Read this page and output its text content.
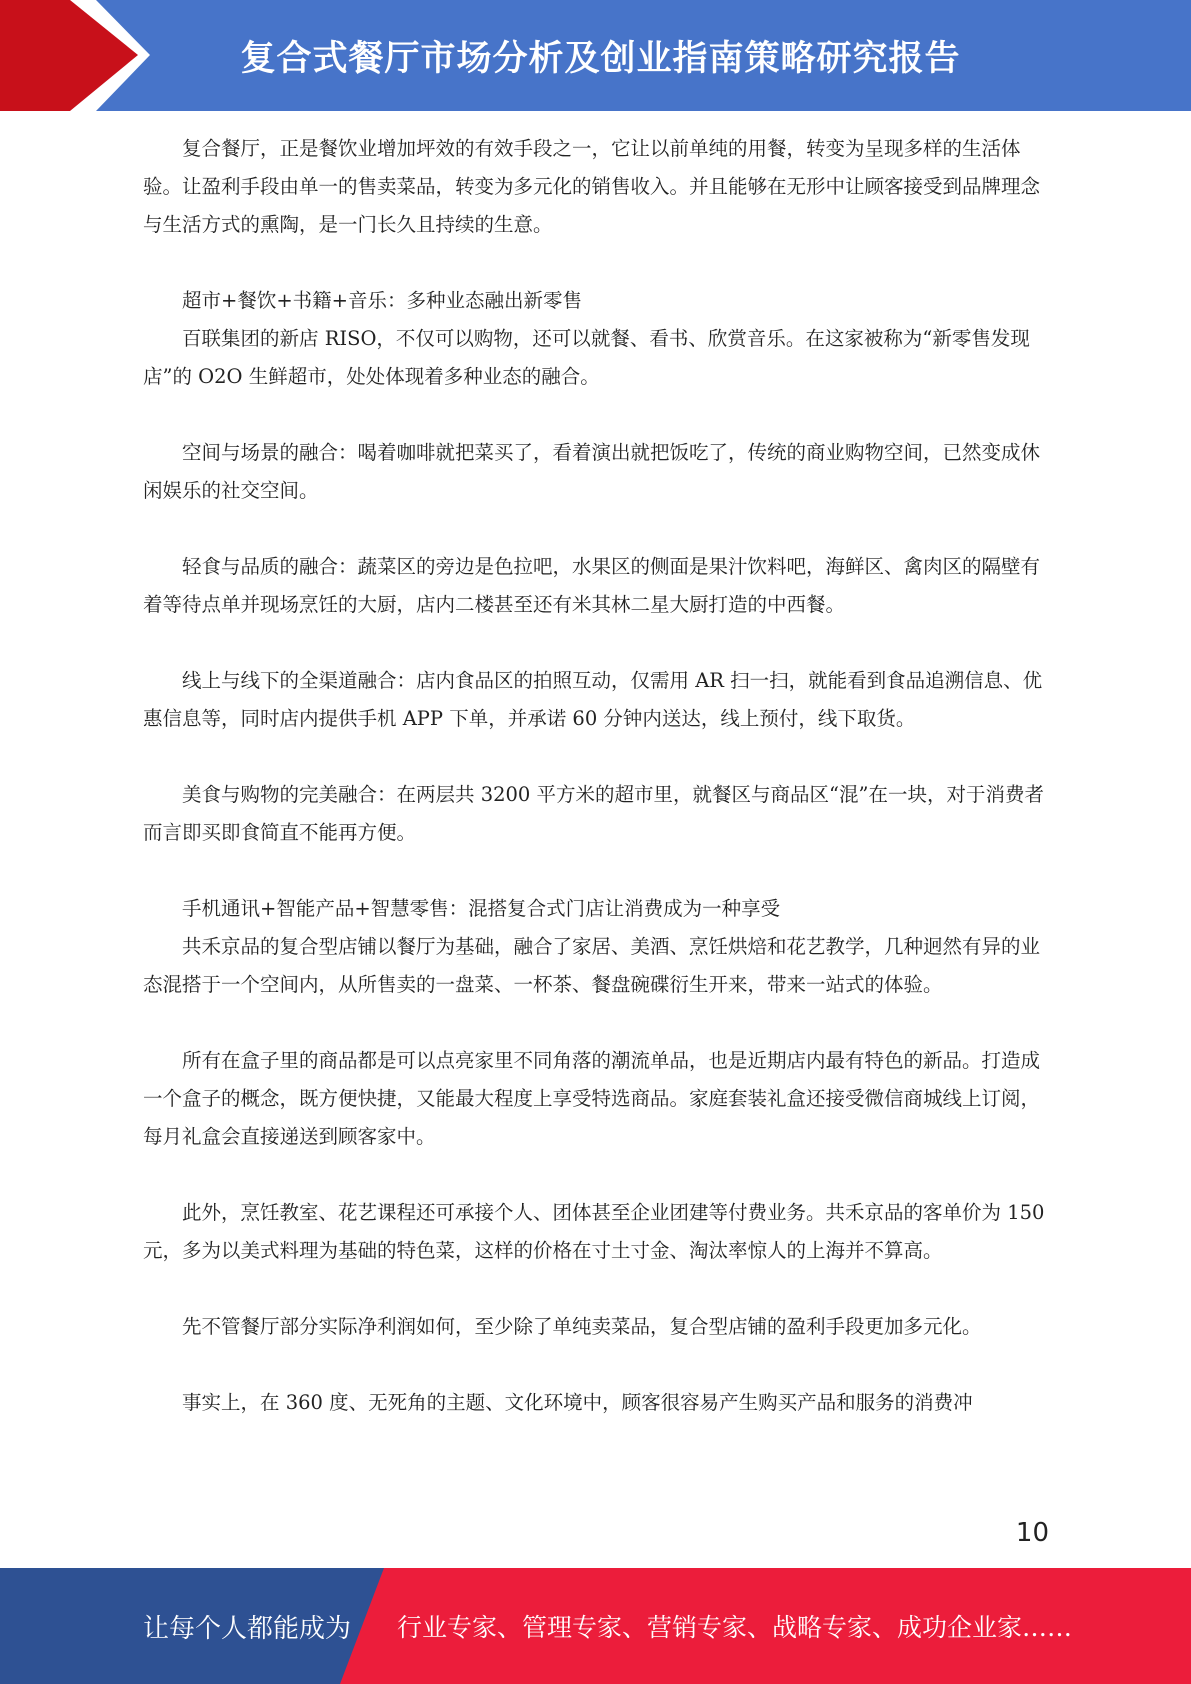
复合式餐厅市场分析及创业指南策略研究报告

复合餐厅，正是餐饮业增加坪效的有效手段之一，它让以前单纯的用餐，转变为呈现多样的生活体验。让盈利手段由单一的售卖菜品，转变为多元化的销售收入。并且能够在无形中让顾客接受到品牌理念与生活方式的熏陶，是一门长久且持续的生意。

超市+餐饮+书籍+音乐：多种业态融出新零售

百联集团的新店 RISO，不仅可以购物，还可以就餐、看书、欣赏音乐。在这家被称为“新零售发现店”的 O2O 生鲜超市，处处体现着多种业态的融合。

空间与场景的融合：喝着咖啡就把菜买了，看着演出就把饭吃了，传统的商业购物空间，已然变成休闲娱乐的社交空间。

轻食与品质的融合：蔬菜区的旁边是色拉吧，水果区的侧面是果汁饮料吧，海鲜区、禽肉区的隔壁有着等待点单并现场烹饪的大厨，店内二楼甚至还有米其林二星大厨打造的中西餐。

线上与线下的全渠道融合：店内食品区的拍照互动，仅需用 AR 扫一扫，就能看到食品追溯信息、优惠信息等，同时店内提供手机 APP 下单，并承诺 60 分钟内送达，线上预付，线下取货。

美食与购物的完美融合：在两层共 3200 平方米的超市里，就餐区与商品区“混”在一块，对于消费者而言即买即食简直不能再方便。

手机通讯+智能产品+智慧零售：混搭复合式门店让消费成为一种享受

共禾京品的复合型店铺以餐厅为基础，融合了家居、美酒、烹饪烘焙和花艺教学，几种迥然有异的业态混搭于一个空间内，从所售卖的一盘菜、一杯茶、餐盘碗碟衍生开来，带来一站式的体验。

所有在盒子里的商品都是可以点亮家里不同角落的潮流单品，也是近期店内最有特色的新品。打造成一个盒子的概念，既方便快捷，又能最大程度上享受特选商品。家庭套装礼盒还接受微信商城线上订阅，每月礼盒会直接递送到顾客家中。

此外，烹饪教室、花艺课程还可承接个人、团体甚至企业团建等付费业务。共禾京品的客单价为 150 元，多为以美式料理为基础的特色菜，这样的价格在寸土寸金、淘汰率惊人的上海并不算高。

先不管餐厅部分实际净利润如何，至少除了单纯卖菜品，复合型店铺的盈利手段更加多元化。

事实上，在 360 度、无死角的主题、文化环境中，顾客很容易产生购买产品和服务的消费冲

10
让每个人都能成为 行业专家、管理专家、营销专家、战略专家、成功企业家……
